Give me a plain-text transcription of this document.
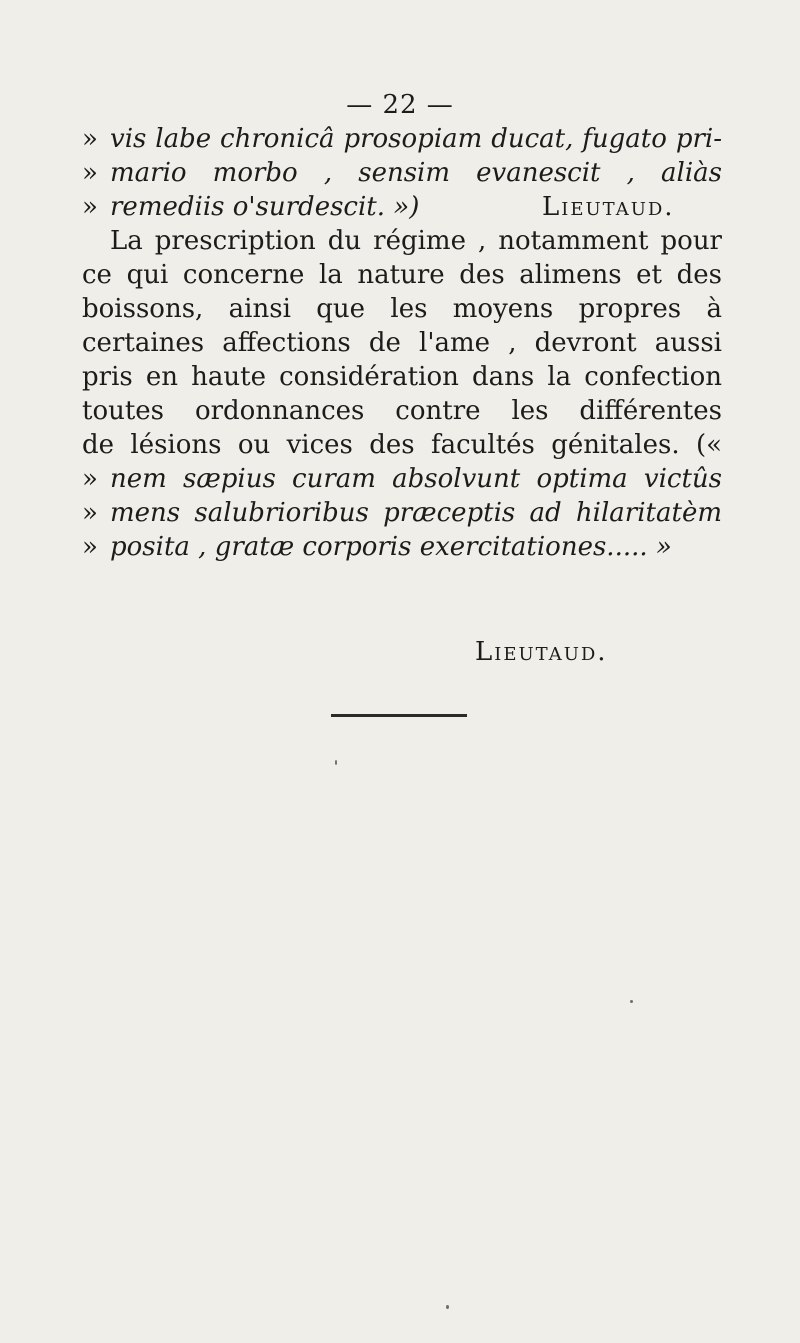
— 22 —
» vis labe chronicâ prosopiam ducat, fugato pri-
» mario morbo , sensim evanescit , aliàs
» remediis o'surdescit. »)	Lieutaud.
La prescription du régime , notamment pour
ce qui concerne la nature des alimens et des
boissons, ainsi que les moyens propres à
certaines affections de l'ame , devront aussi
pris en haute considération dans la confection
toutes ordonnances contre les différentes
de lésions ou vices des facultés génitales. («
» nem sæpius curam absolvunt optima victûs
» mens salubrioribus præceptis ad hilaritatèm
» posita , gratæ corporis exercitationes..... »
Lieutaud.
